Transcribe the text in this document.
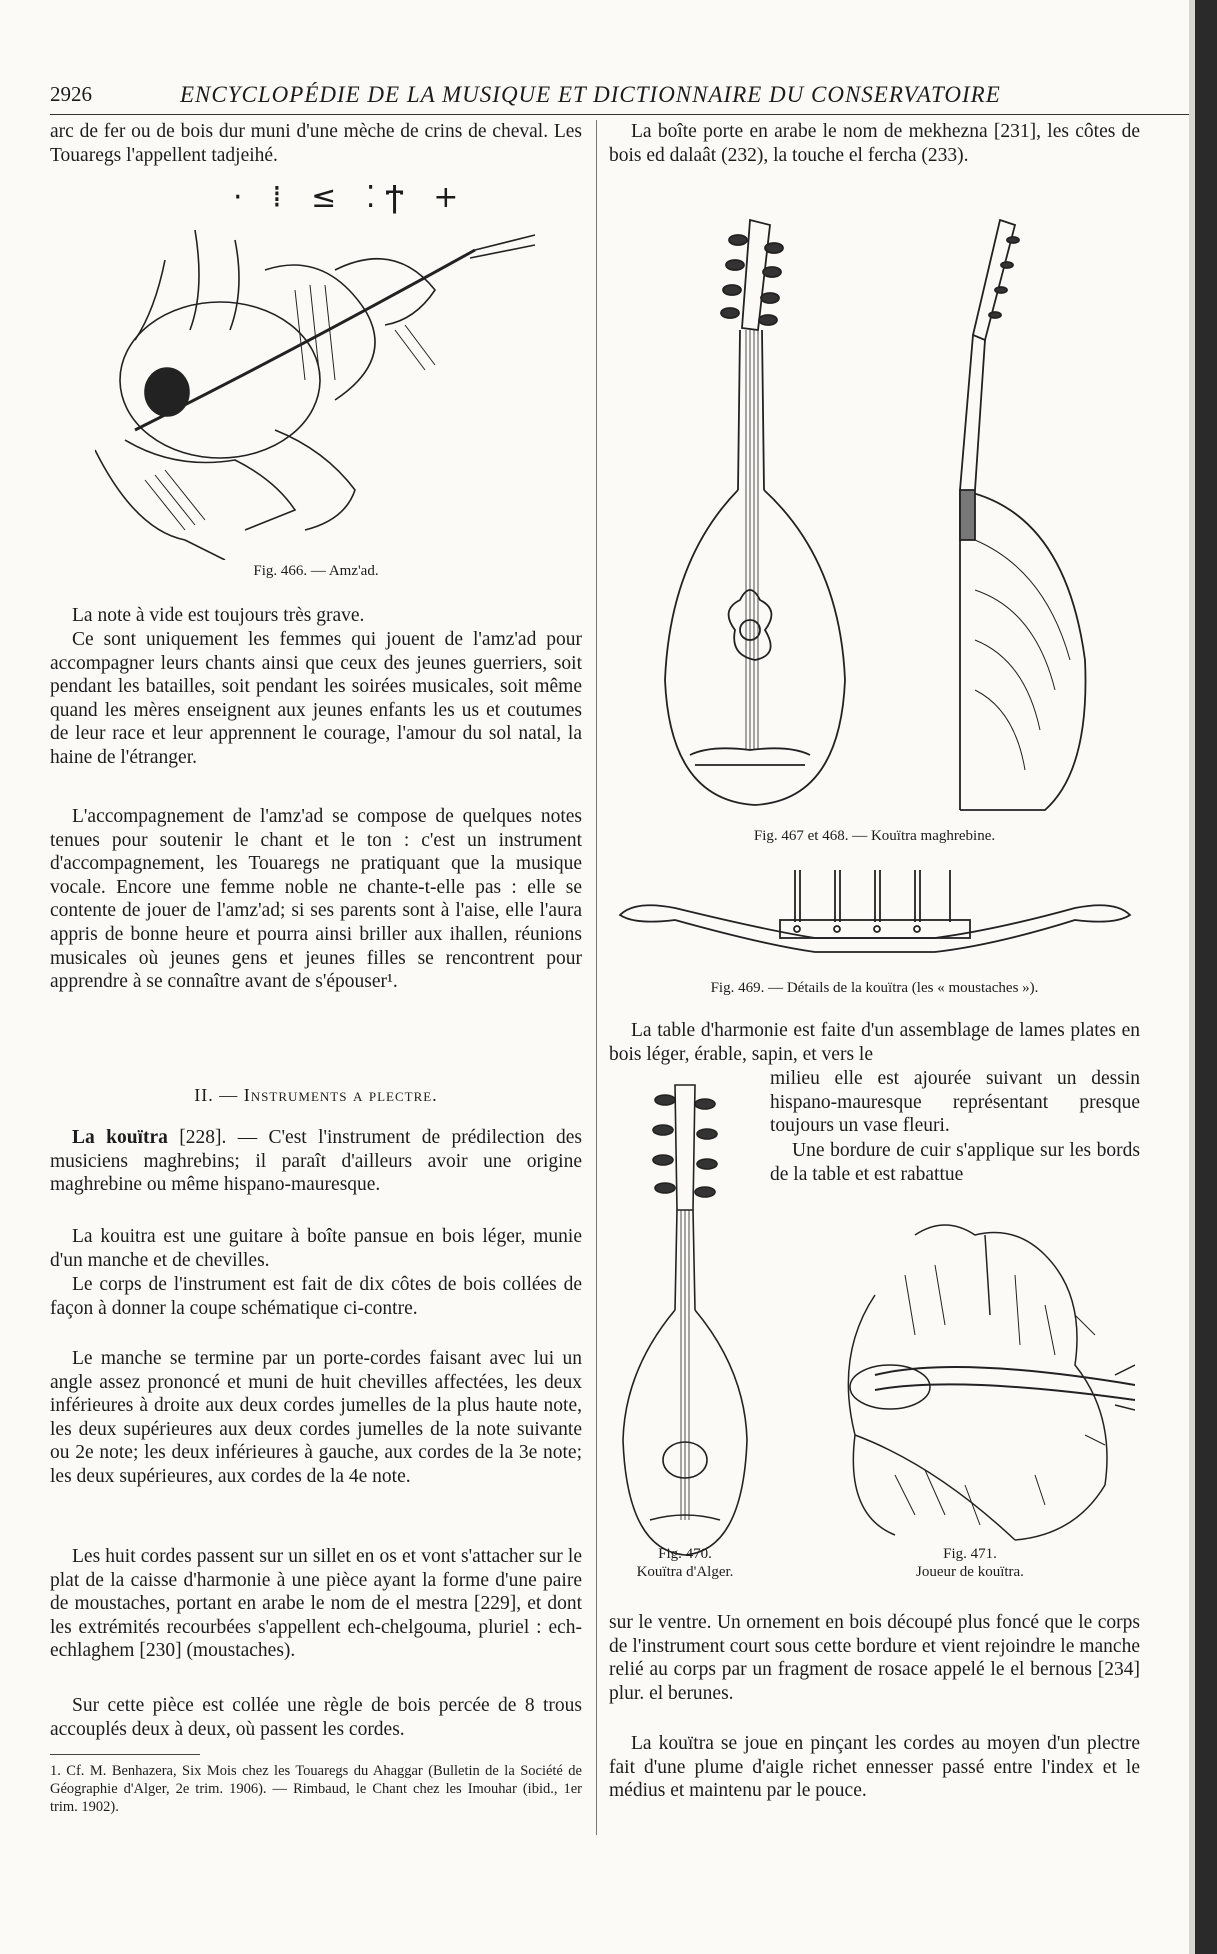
2926	ENCYCLOPÉDIE DE LA MUSIQUE ET DICTIONNAIRE DU CONSERVATOIRE

arc de fer ou de bois dur muni d'une mèche de crins de cheval. Les Touaregs l'appellent tadjeihé.

· ⁞ ≤ ⁚Ϯ +
Fig. 466. — Amz'ad.

La note à vide est toujours très grave.

Ce sont uniquement les femmes qui jouent de l'amz'ad pour accompagner leurs chants ainsi que ceux des jeunes guerriers, soit pendant les batailles, soit pendant les soirées musicales, soit même quand les mères enseignent aux jeunes enfants les us et coutumes de leur race et leur apprennent le courage, l'amour du sol natal, la haine de l'étranger.

L'accompagnement de l'amz'ad se compose de quelques notes tenues pour soutenir le chant et le ton : c'est un instrument d'accompagnement, les Touaregs ne pratiquant que la musique vocale. Encore une femme noble ne chante-t-elle pas : elle se contente de jouer de l'amz'ad; si ses parents sont à l'aise, elle l'aura appris de bonne heure et pourra ainsi briller aux ihallen, réunions musicales où jeunes gens et jeunes filles se rencontrent pour apprendre à se connaître avant de s'épouser¹.

II. — Instruments a plectre.

La kouïtra [228]. — C'est l'instrument de prédilection des musiciens maghrebins; il paraît d'ailleurs avoir une origine maghrebine ou même hispano-mauresque.

La kouitra est une guitare à boîte pansue en bois léger, munie d'un manche et de chevilles.

Le corps de l'instrument est fait de dix côtes de bois collées de façon à donner la coupe schématique ci-contre.

Le manche se termine par un porte-cordes faisant avec lui un angle assez prononcé et muni de huit chevilles affectées, les deux inférieures à droite aux deux cordes jumelles de la plus haute note, les deux supérieures aux deux cordes jumelles de la note suivante ou 2e note; les deux inférieures à gauche, aux cordes de la 3e note; les deux supérieures, aux cordes de la 4e note.

Les huit cordes passent sur un sillet en os et vont s'attacher sur le plat de la caisse d'harmonie à une pièce ayant la forme d'une paire de moustaches, portant en arabe le nom de el mestra [229], et dont les extrémités recourbées s'appellent ech-chelgouma, pluriel : ech-echlaghem [230] (moustaches).

Sur cette pièce est collée une règle de bois percée de 8 trous accouplés deux à deux, où passent les cordes.

1. Cf. M. Benhazera, Six Mois chez les Touaregs du Ahaggar (Bulletin de la Société de Géographie d'Alger, 2e trim. 1906). — Rimbaud, le Chant chez les Imouhar (ibid., 1er trim. 1902).

La boîte porte en arabe le nom de mekhezna [231], les côtes de bois ed dalaât (232), la touche el fercha (233).

Fig. 467 et 468. — Kouïtra maghrebine.
Fig. 469. — Détails de la kouïtra (les « moustaches »).

La table d'harmonie est faite d'un assemblage de lames plates en bois léger, érable, sapin, et vers le

milieu elle est ajourée suivant un dessin hispano-mauresque représentant presque toujours un vase fleuri.

Une bordure de cuir s'applique sur les bords de la table et est rabattue

Fig. 470.
Kouïtra d'Alger.
Fig. 471.
Joueur de kouïtra.

sur le ventre. Un ornement en bois découpé plus foncé que le corps de l'instrument court sous cette bordure et vient rejoindre le manche relié au corps par un fragment de rosace appelé le el bernous [234] plur. el berunes.

La kouïtra se joue en pinçant les cordes au moyen d'un plectre fait d'une plume d'aigle richet ennesser passé entre l'index et le médius et maintenu par le pouce.
